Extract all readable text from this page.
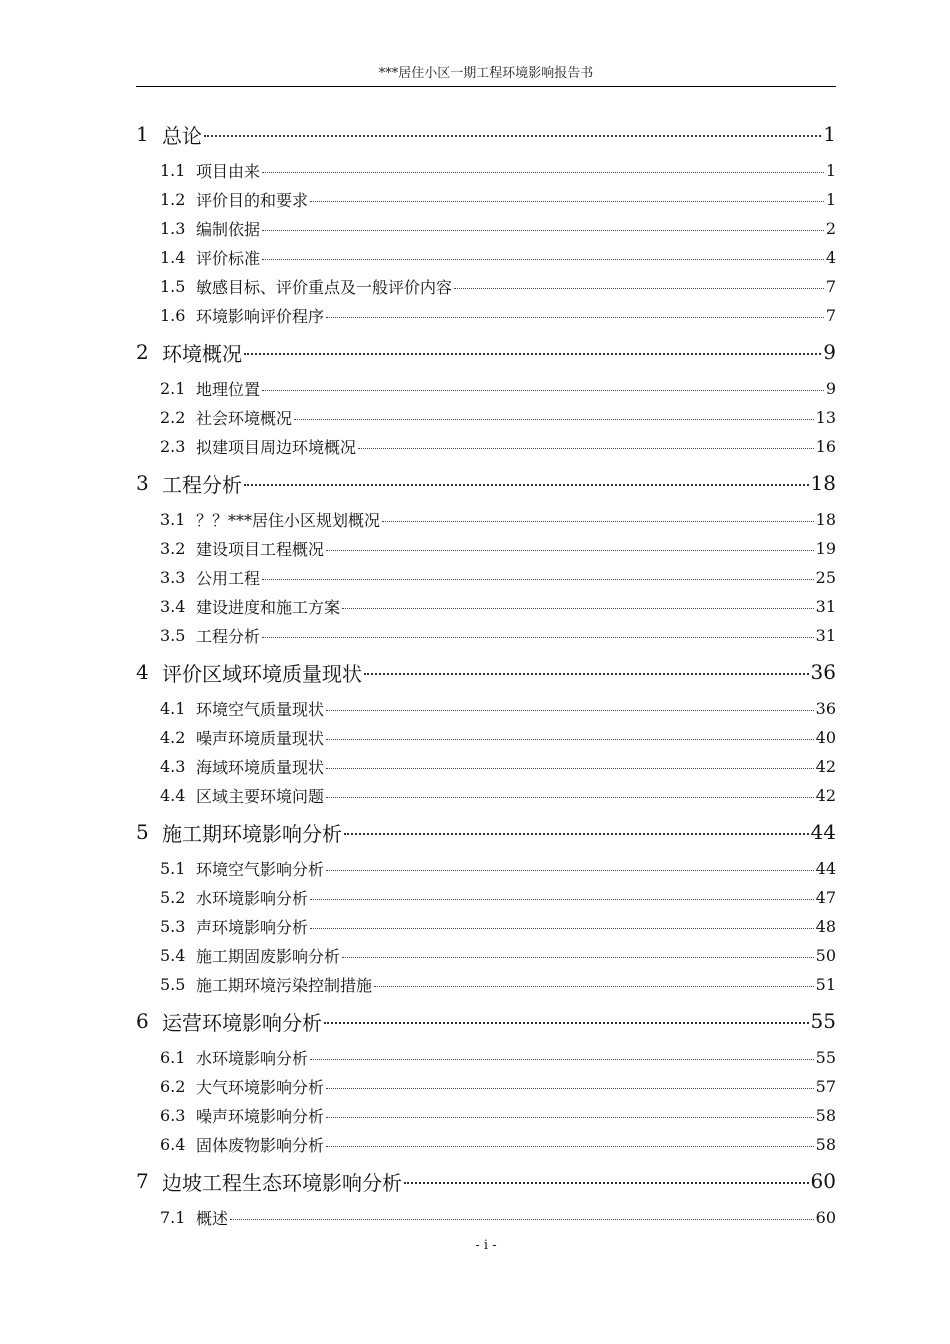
***居住小区一期工程环境影响报告书
1 总论	1
1.1 项目由来	1
1.2 评价目的和要求	1
1.3 编制依据	2
1.4 评价标准	4
1.5 敏感目标、评价重点及一般评价内容	7
1.6 环境影响评价程序	7
2 环境概况	9
2.1 地理位置	9
2.2 社会环境概况	13
2.3 拟建项目周边环境概况	16
3 工程分析	18
3.1 ？？***居住小区规划概况	18
3.2 建设项目工程概况	19
3.3 公用工程	25
3.4 建设进度和施工方案	31
3.5 工程分析	31
4 评价区域环境质量现状	36
4.1 环境空气质量现状	36
4.2 噪声环境质量现状	40
4.3 海域环境质量现状	42
4.4 区域主要环境问题	42
5 施工期环境影响分析	44
5.1 环境空气影响分析	44
5.2 水环境影响分析	47
5.3 声环境影响分析	48
5.4 施工期固废影响分析	50
5.5 施工期环境污染控制措施	51
6 运营环境影响分析	55
6.1 水环境影响分析	55
6.2 大气环境影响分析	57
6.3 噪声环境影响分析	58
6.4 固体废物影响分析	58
7 边坡工程生态环境影响分析	60
7.1 概述	60
- i -
